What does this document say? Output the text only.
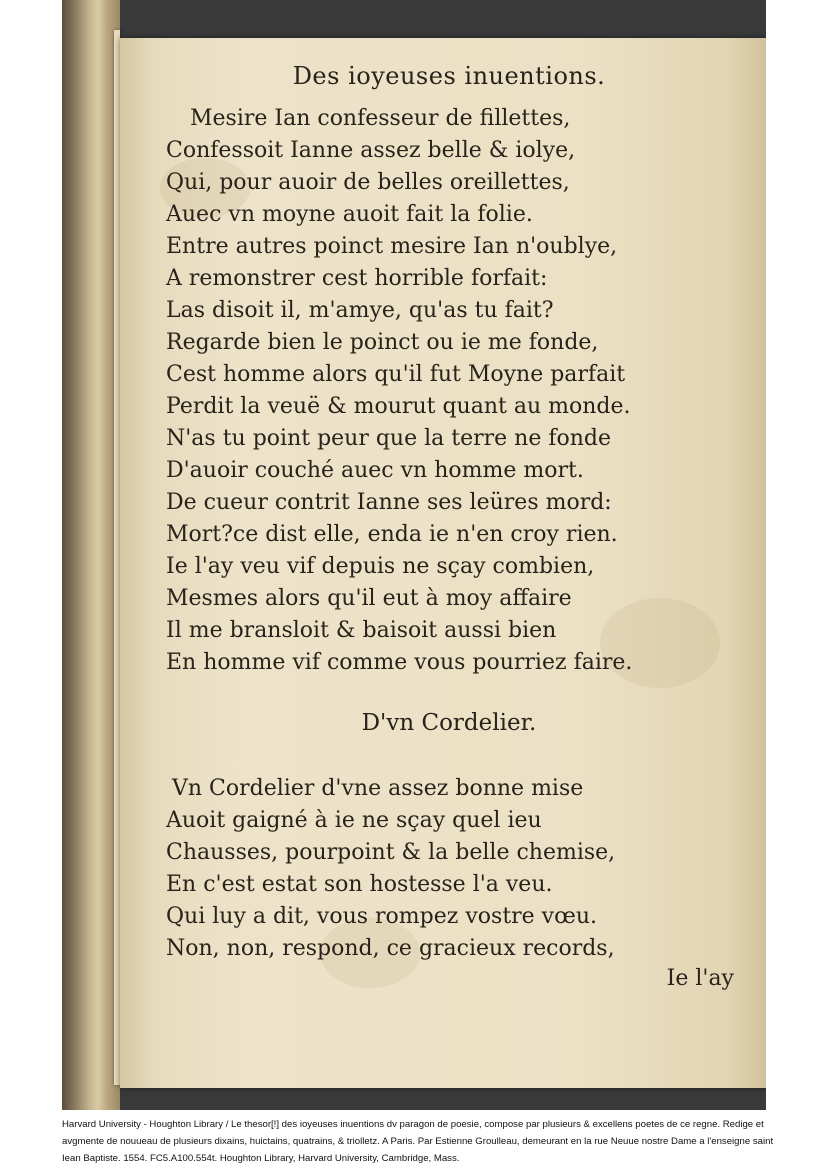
Des ioyeuses inuentions.
Mesire Ian confesseur de fillettes,
Confessoit Ianne assez belle & iolye,
Qui, pour auoir de belles oreillettes,
Auec vn moyne auoit fait la folie.
Entre autres poinct mesire Ian n'oublye,
A remonstrer cest horrible forfait:
Las disoit il, m'amye, qu'as tu fait?
Regarde bien le poinct ou ie me fonde,
Cest homme alors qu'il fut Moyne parfait
Perdit la veuë & mourut quant au monde.
N'as tu point peur que la terre ne fonde
D'auoir couché auec vn homme mort.
De cueur contrit Ianne ses leüres mord:
Mort?ce dist elle, enda ie n'en croy rien.
Ie l'ay veu vif depuis ne sçay combien,
Mesmes alors qu'il eut à moy affaire
Il me bransloit & baisoit aussi bien
En homme vif comme vous pourriez faire.
D'vn Cordelier.
Vn Cordelier d'vne assez bonne mise
Auoit gaigné à ie ne sçay quel ieu
Chausses, pourpoint & la belle chemise,
En c'est estat son hostesse l'a veu.
Qui luy a dit, vous rompez vostre vœu.
Non, non, respond, ce gracieux records,
Ie l'ay
Harvard University - Houghton Library / Le thesor[!] des ioyeuses inuentions dv paragon de poesie, compose par plusieurs & excellens poetes de ce regne. Redige et avgmente de nouueau de plusieurs dixains, huictains, quatrains, & triolletz. A Paris. Par Estienne Groulleau, demeurant en la rue Neuue nostre Dame a l'enseigne saint Iean Baptiste. 1554. FC5.A100.554t. Houghton Library, Harvard University, Cambridge, Mass.
